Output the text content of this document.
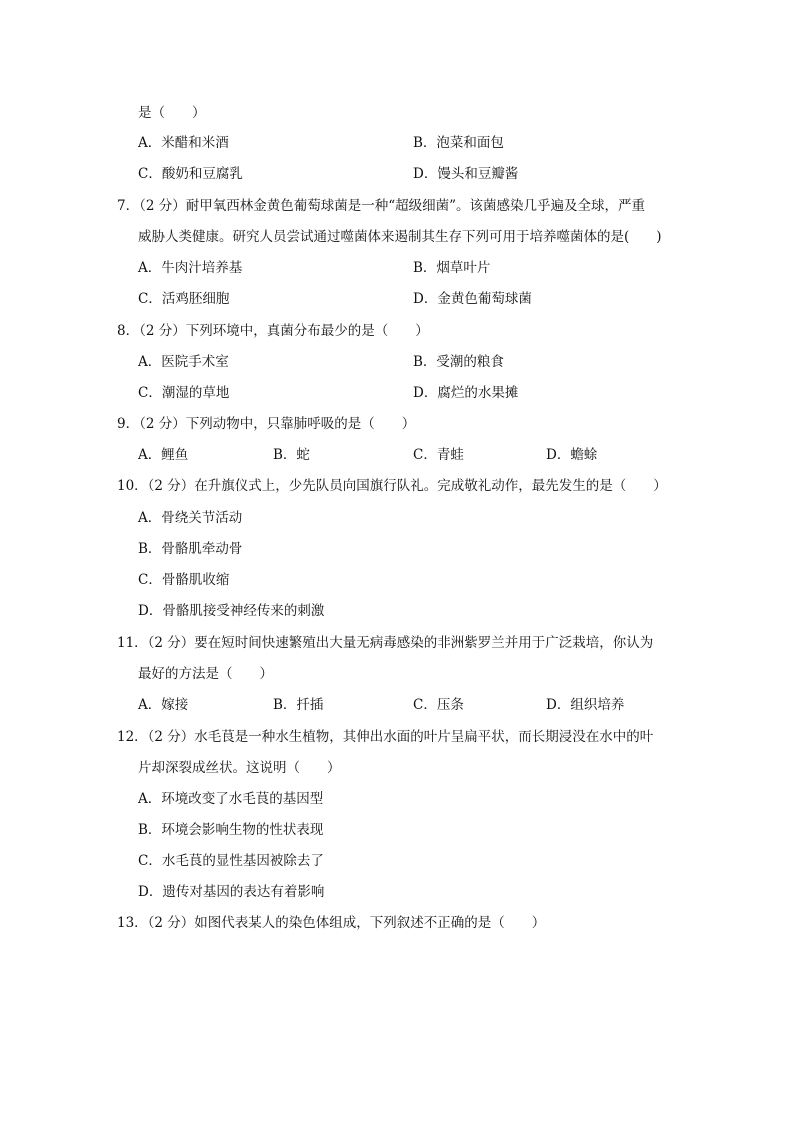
是（　　）
A．米醋和米酒	B．泡菜和面包
C．酸奶和豆腐乳	D．馒头和豆瓣酱
7．（2 分）耐甲氧西林金黄色葡萄球菌是一种“超级细菌”。该菌感染几乎遍及全球，严重
威胁人类健康。研究人员尝试通过噬菌体来遏制其生存下列可用于培养噬菌体的是(　　)
A．牛肉汁培养基	B．烟草叶片
C．活鸡胚细胞	D．金黄色葡萄球菌
8．（2 分）下列环境中，真菌分布最少的是（　　）
A．医院手术室	B．受潮的粮食
C．潮湿的草地	D．腐烂的水果摊
9．（2 分）下列动物中，只靠肺呼吸的是（　　）
A．鲤鱼	B．蛇	C．青蛙	D．蟾蜍
10．（2 分）在升旗仪式上，少先队员向国旗行队礼。完成敬礼动作，最先发生的是（　　）
A．骨绕关节活动
B．骨骼肌牵动骨
C．骨骼肌收缩
D．骨骼肌接受神经传来的刺激
11．（2 分）要在短时间快速繁殖出大量无病毒感染的非洲紫罗兰并用于广泛栽培，你认为
最好的方法是（　　）
A．嫁接	B．扦插	C．压条	D．组织培养
12．（2 分）水毛茛是一种水生植物，其伸出水面的叶片呈扁平状，而长期浸没在水中的叶
片却深裂成丝状。这说明（　　）
A．环境改变了水毛茛的基因型
B．环境会影响生物的性状表现
C．水毛茛的显性基因被除去了
D．遗传对基因的表达有着影响
13．（2 分）如图代表某人的染色体组成，下列叙述不正确的是（　　）
